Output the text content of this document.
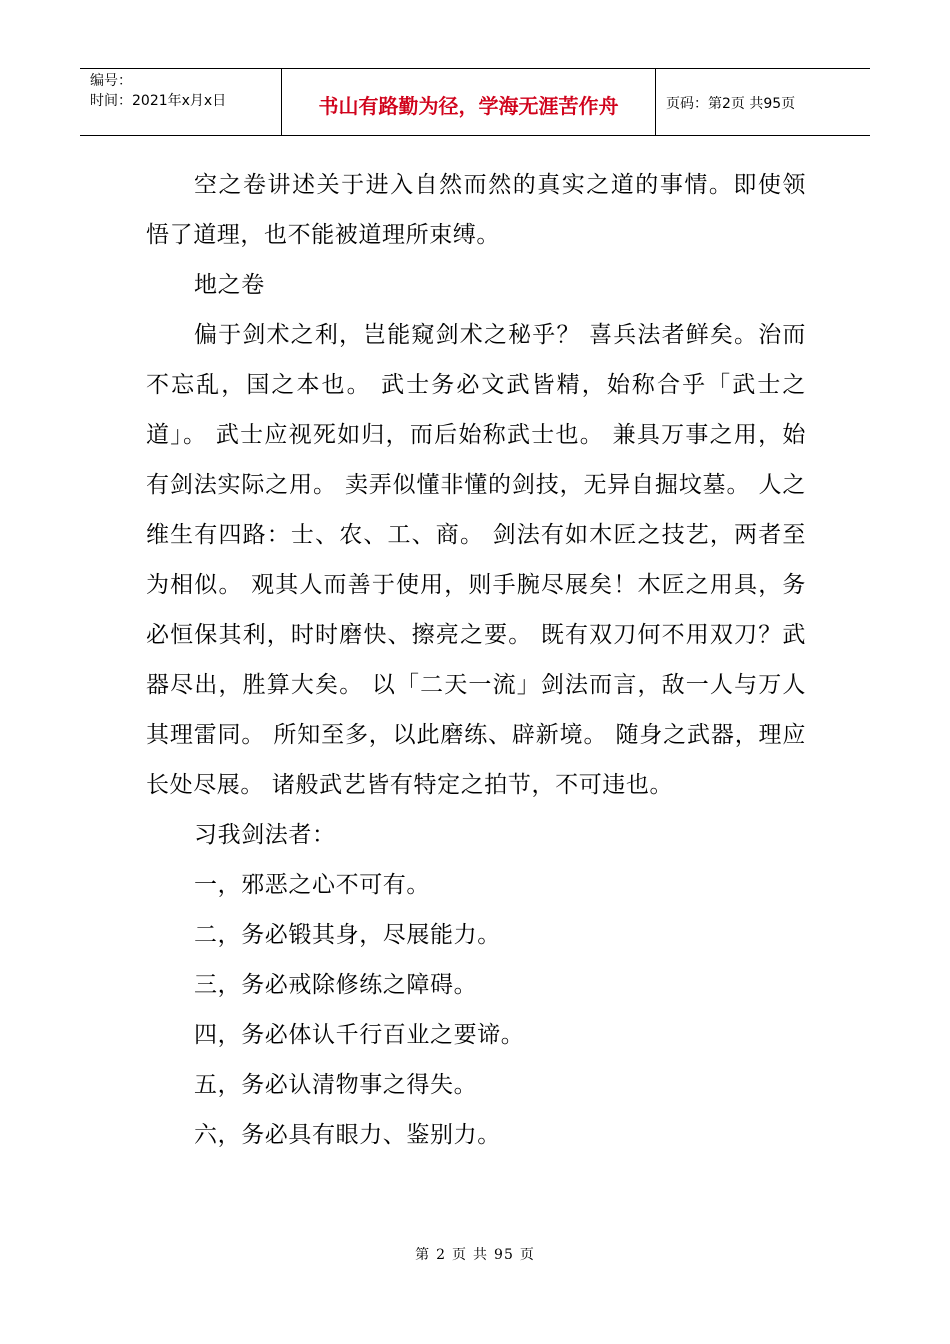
编号：
时间：2021年x月x日	书山有路勤为径，学海无涯苦作舟	页码：第2页 共95页

空之卷讲述关于进入自然而然的真实之道的事情。即使领悟了道理，也不能被道理所束缚。

地之卷

偏于剑术之利，岂能窥剑术之秘乎？ 喜兵法者鲜矣。治而不忘乱，国之本也。 武士务必文武皆精，始称合乎「武士之道」。 武士应视死如归，而后始称武士也。 兼具万事之用，始有剑法实际之用。 卖弄似懂非懂的剑技，无异自掘坟墓。 人之维生有四路：士、农、工、商。 剑法有如木匠之技艺，两者至为相似。 观其人而善于使用，则手腕尽展矣！木匠之用具，务必恒保其利，时时磨快、擦亮之要。 既有双刀何不用双刀？武器尽出，胜算大矣。 以「二天一流」剑法而言，敌一人与万人其理雷同。 所知至多，以此磨练、辟新境。 随身之武器，理应长处尽展。 诸般武艺皆有特定之拍节，不可违也。

习我剑法者：

一，邪恶之心不可有。

二，务必锻其身，尽展能力。

三，务必戒除修练之障碍。

四，务必体认千行百业之要谛。

五，务必认清物事之得失。

六，务必具有眼力、鉴别力。

第 2 页 共 95 页
